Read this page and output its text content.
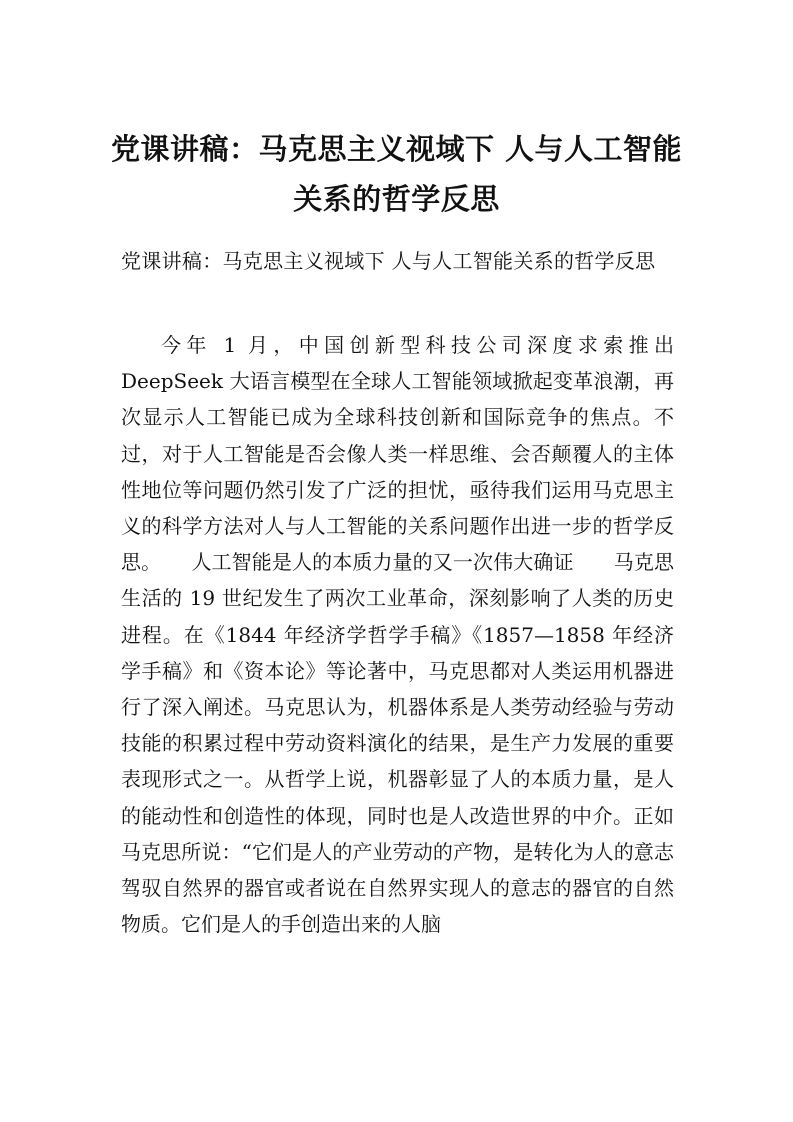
党课讲稿：马克思主义视域下 人与人工智能
关系的哲学反思

党课讲稿：马克思主义视域下 人与人工智能关系的哲学反思

今年 1 月，中国创新型科技公司深度求索推出 DeepSeek 大语言模型在全球人工智能领域掀起变革浪潮，再次显示人工智能已成为全球科技创新和国际竞争的焦点。不过，对于人工智能是否会像人类一样思维、会否颠覆人的主体性地位等问题仍然引发了广泛的担忧，亟待我们运用马克思主义的科学方法对人与人工智能的关系问题作出进一步的哲学反思。　　人工智能是人的本质力量的又一次伟大确证　　马克思生活的 19 世纪发生了两次工业革命，深刻影响了人类的历史进程。在《1844 年经济学哲学手稿》《1857—1858 年经济学手稿》和《资本论》等论著中，马克思都对人类运用机器进行了深入阐述。马克思认为，机器体系是人类劳动经验与劳动技能的积累过程中劳动资料演化的结果，是生产力发展的重要表现形式之一。从哲学上说，机器彰显了人的本质力量，是人的能动性和创造性的体现，同时也是人改造世界的中介。正如马克思所说：“它们是人的产业劳动的产物，是转化为人的意志驾驭自然界的器官或者说在自然界实现人的意志的器官的自然物质。它们是人的手创造出来的人脑
